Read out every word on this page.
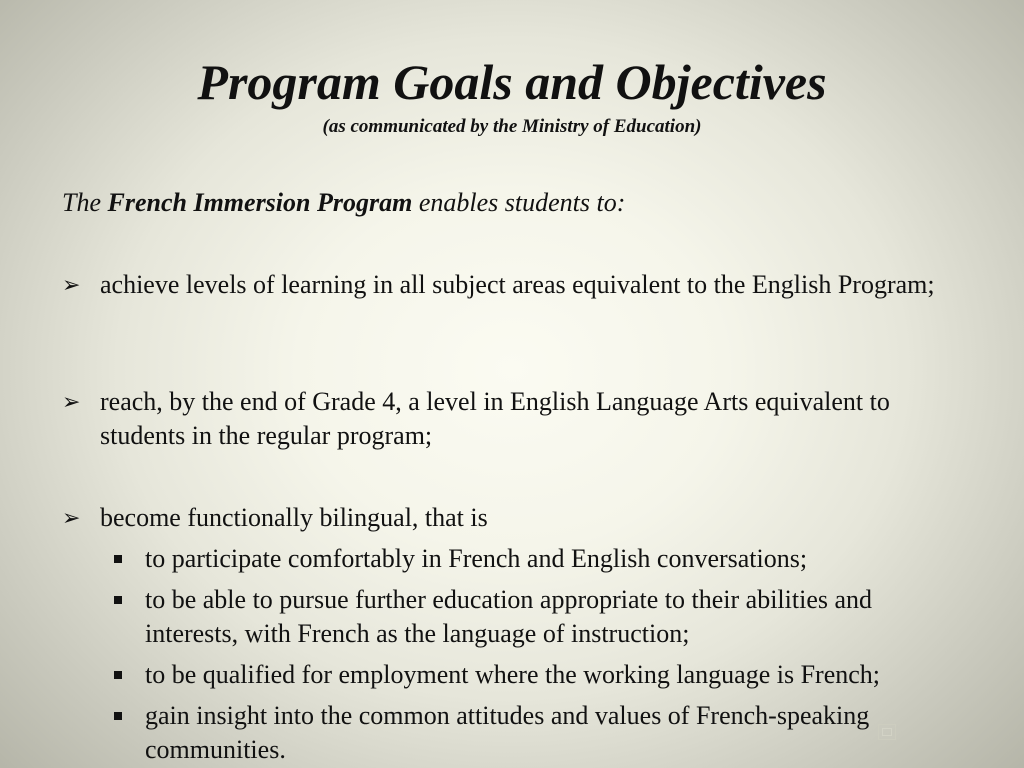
Program Goals and Objectives
(as communicated by the Ministry of Education)
The French Immersion Program enables students to:
➢ achieve levels of learning in all subject areas equivalent to the English Program;
➢ reach, by the end of Grade 4, a level in English Language Arts equivalent to students in the regular program;
➢ become functionally bilingual, that is
to participate comfortably in French and English conversations;
to be able to pursue further education appropriate to their abilities and interests, with French as the language of instruction;
to be qualified for employment where the working language is French;
gain insight into the common attitudes and values of French-speaking communities.
